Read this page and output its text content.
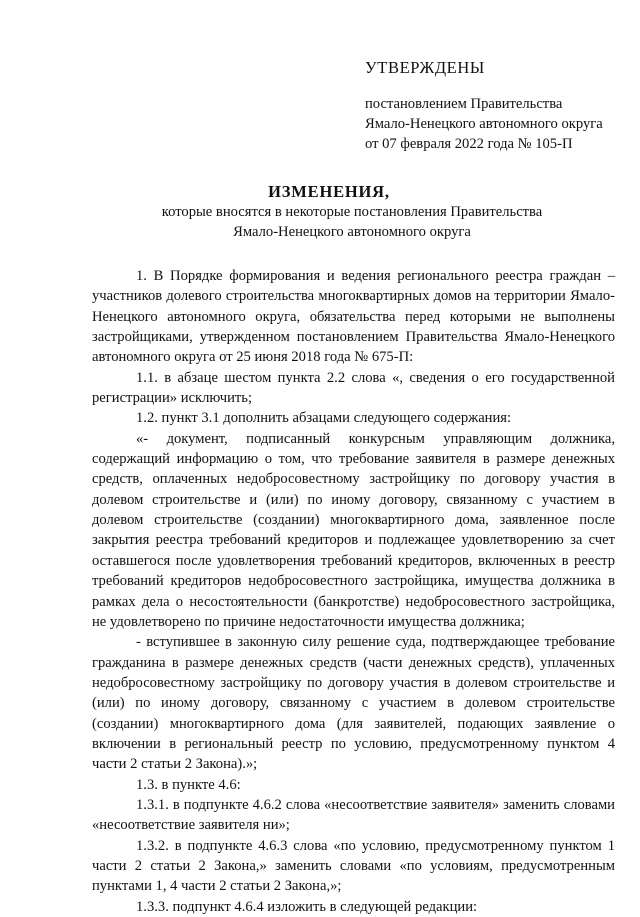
УТВЕРЖДЕНЫ
постановлением Правительства
Ямало-Ненецкого автономного округа
от 07 февраля 2022 года № 105-П
ИЗМЕНЕНИЯ,
которые вносятся в некоторые постановления Правительства
Ямало-Ненецкого автономного округа

1. В Порядке формирования и ведения регионального реестра граждан – участников долевого строительства многоквартирных домов на территории Ямало-Ненецкого автономного округа, обязательства перед которыми не выполнены застройщиками, утвержденном постановлением Правительства Ямало-Ненецкого автономного округа от 25 июня 2018 года № 675-П:

1.1. в абзаце шестом пункта 2.2 слова «, сведения о его государственной регистрации» исключить;

1.2. пункт 3.1 дополнить абзацами следующего содержания:

«- документ, подписанный конкурсным управляющим должника, содержащий информацию о том, что требование заявителя в размере денежных средств, оплаченных недобросовестному застройщику по договору участия в долевом строительстве и (или) по иному договору, связанному с участием в долевом строительстве (создании) многоквартирного дома, заявленное после закрытия реестра требований кредиторов и подлежащее удовлетворению за счет оставшегося после удовлетворения требований кредиторов, включенных в реестр требований кредиторов недобросовестного застройщика, имущества должника в рамках дела о несостоятельности (банкротстве) недобросовестного застройщика, не удовлетворено по причине недостаточности имущества должника;

- вступившее в законную силу решение суда, подтверждающее требование гражданина в размере денежных средств (части денежных средств), уплаченных недобросовестному застройщику по договору участия в долевом строительстве и (или) по иному договору, связанному с участием в долевом строительстве (создании) многоквартирного дома (для заявителей, подающих заявление о включении в региональный реестр по условию, предусмотренному пунктом 4 части 2 статьи 2 Закона).»;

1.3. в пункте 4.6:

1.3.1. в подпункте 4.6.2 слова «несоответствие заявителя» заменить словами «несоответствие заявителя ни»;

1.3.2. в подпункте 4.6.3 слова «по условию, предусмотренному пунктом 1 части 2 статьи 2 Закона,» заменить словами «по условиям, предусмотренным пунктами 1, 4 части 2 статьи 2 Закона,»;

1.3.3. подпункт 4.6.4 изложить в следующей редакции:
